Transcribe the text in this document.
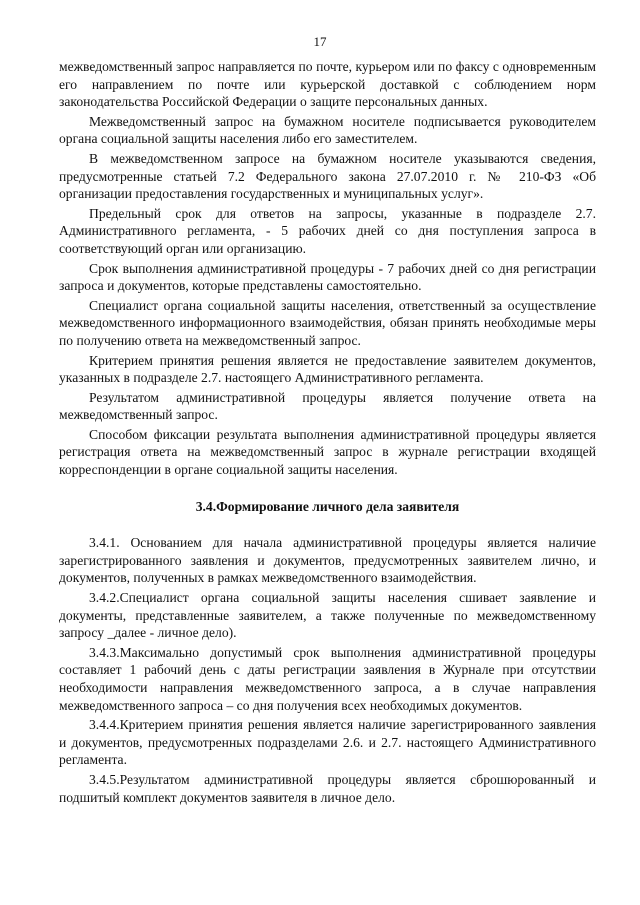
17

межведомственный запрос направляется по почте, курьером или по факсу с одновременным его направлением по почте или курьерской доставкой с соблюдением норм законодательства Российской Федерации о защите персональных данных.

Межведомственный запрос на бумажном носителе подписывается руководителем органа социальной защиты населения либо его заместителем.

В межведомственном запросе на бумажном носителе указываются сведения, предусмотренные статьей 7.2 Федерального закона 27.07.2010 г. № 210-ФЗ «Об организации предоставления государственных и муниципальных услуг».

Предельный срок для ответов на запросы, указанные в подразделе 2.7. Административного регламента, - 5 рабочих дней со дня поступления запроса в соответствующий орган или организацию.

Срок выполнения административной процедуры - 7 рабочих дней со дня регистрации запроса и документов, которые представлены самостоятельно.

Специалист органа социальной защиты населения, ответственный за осуществление межведомственного информационного взаимодействия, обязан принять необходимые меры по получению ответа на межведомственный запрос.

Критерием принятия решения является не предоставление заявителем документов, указанных в подразделе 2.7. настоящего Административного регламента.

Результатом административной процедуры является получение ответа на межведомственный запрос.

Способом фиксации результата выполнения административной процедуры является регистрация ответа на межведомственный запрос в журнале регистрации входящей корреспонденции в органе социальной защиты населения.

3.4.Формирование личного дела заявителя

3.4.1. Основанием для начала административной процедуры является наличие зарегистрированного заявления и документов, предусмотренных заявителем лично, и документов, полученных в рамках межведомственного взаимодействия.

3.4.2.Специалист органа социальной защиты населения сшивает заявление и документы, представленные заявителем, а также полученные по межведомственному запросу _далее - личное дело).

3.4.3.Максимально допустимый срок выполнения административной процедуры составляет 1 рабочий день с даты регистрации заявления в Журнале при отсутствии необходимости направления межведомственного запроса, а в случае направления межведомственного запроса – со дня получения всех необходимых документов.

3.4.4.Критерием принятия решения является наличие зарегистрированного заявления и документов, предусмотренных подразделами 2.6. и 2.7. настоящего Административного регламента.

3.4.5.Результатом административной процедуры является сброшюрованный и подшитый комплект документов заявителя в личное дело.
